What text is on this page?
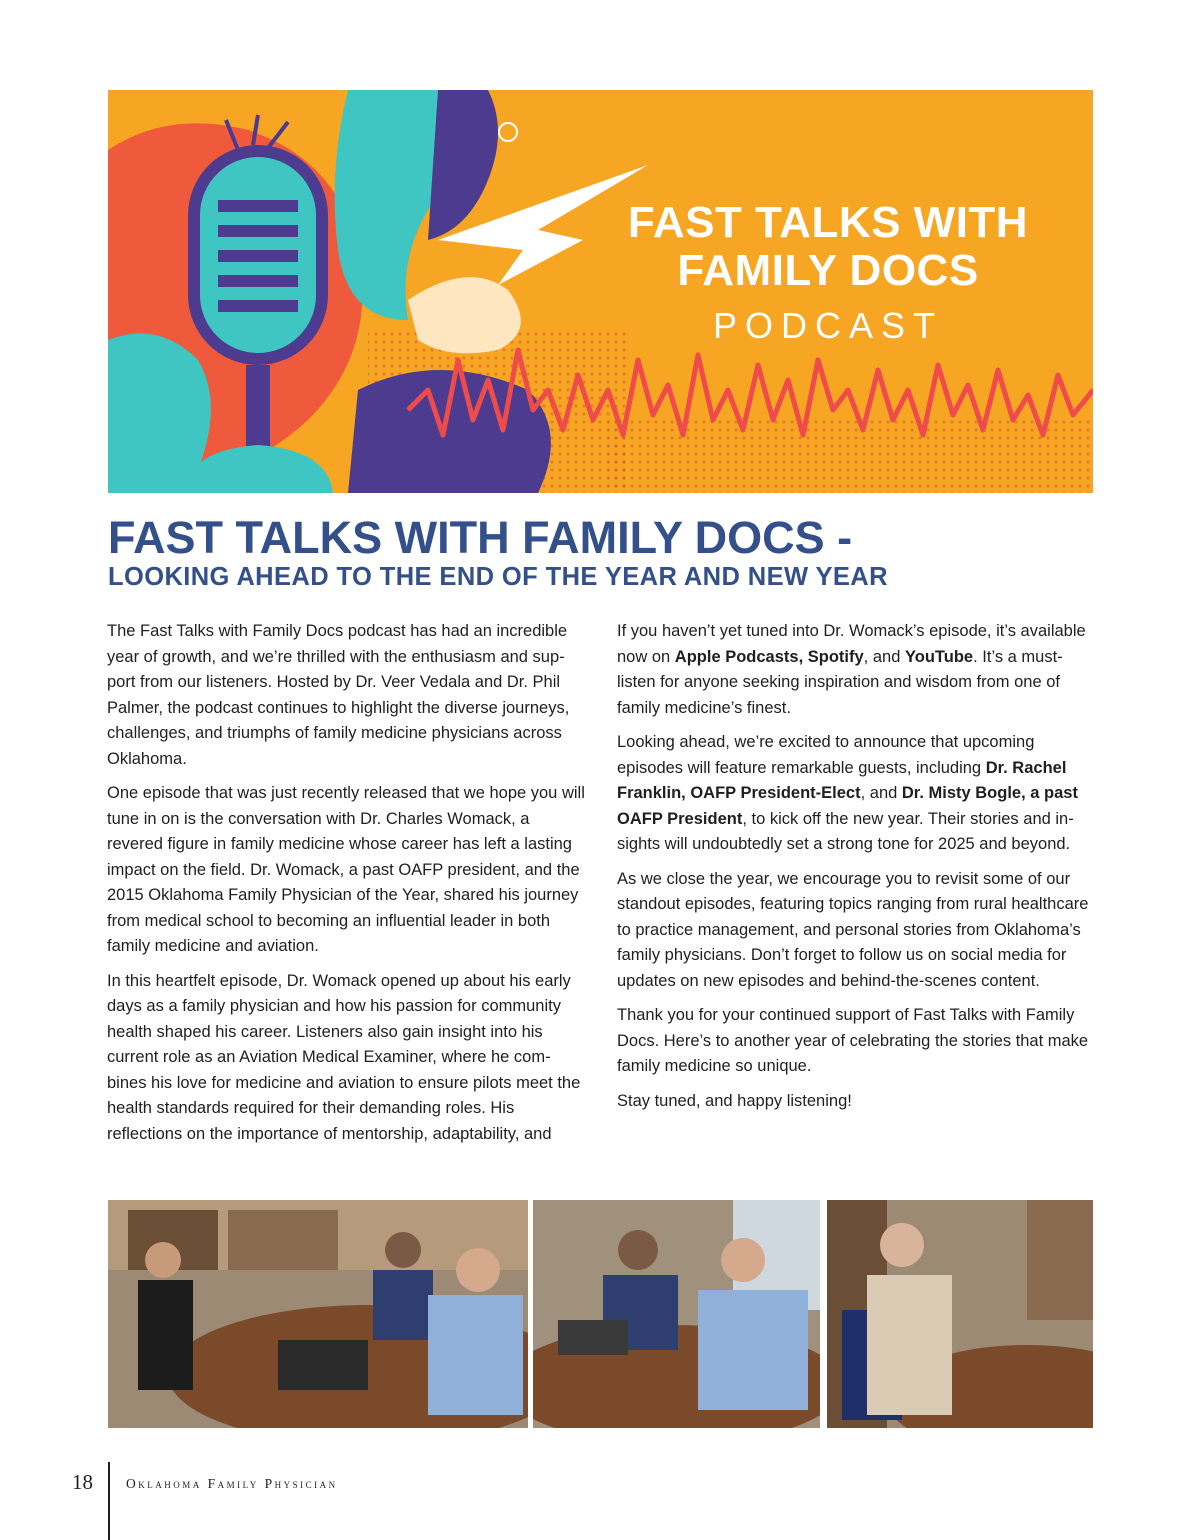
FAST TALKS WITH
FAMILY DOCS
PODCAST
FAST TALKS WITH FAMILY DOCS -
LOOKING AHEAD TO THE END OF THE YEAR AND NEW YEAR

The Fast Talks with Family Docs podcast has had an incredible year of growth, and we’re thrilled with the enthusiasm and sup-port from our listeners. Hosted by Dr. Veer Vedala and Dr. Phil Palmer, the podcast continues to highlight the diverse journeys, challenges, and triumphs of family medicine physicians across Oklahoma.

One episode that was just recently released that we hope you will tune in on is the conversation with Dr. Charles Womack, a revered figure in family medicine whose career has left a lasting impact on the field. Dr. Womack, a past OAFP president, and the 2015 Oklahoma Family Physician of the Year, shared his journey from medical school to becoming an influential leader in both family medicine and aviation.

In this heartfelt episode, Dr. Womack opened up about his early days as a family physician and how his passion for community health shaped his career. Listeners also gain insight into his current role as an Aviation Medical Examiner, where he com-bines his love for medicine and aviation to ensure pilots meet the health standards required for their demanding roles. His reflections on the importance of mentorship, adaptability, and

If you haven’t yet tuned into Dr. Womack’s episode, it’s available now on Apple Podcasts, Spotify, and YouTube. It’s a must-listen for anyone seeking inspiration and wisdom from one of family medicine’s finest.

Looking ahead, we’re excited to announce that upcoming episodes will feature remarkable guests, including Dr. Rachel Franklin, OAFP President-Elect, and Dr. Misty Bogle, a past OAFP President, to kick off the new year. Their stories and in-sights will undoubtedly set a strong tone for 2025 and beyond.

As we close the year, we encourage you to revisit some of our standout episodes, featuring topics ranging from rural healthcare to practice management, and personal stories from Oklahoma’s family physicians. Don’t forget to follow us on social media for updates on new episodes and behind-the-scenes content.

Thank you for your continued support of Fast Talks with Family Docs. Here’s to another year of celebrating the stories that make family medicine so unique.

Stay tuned, and happy listening!

18 Oklahoma Family Physician
